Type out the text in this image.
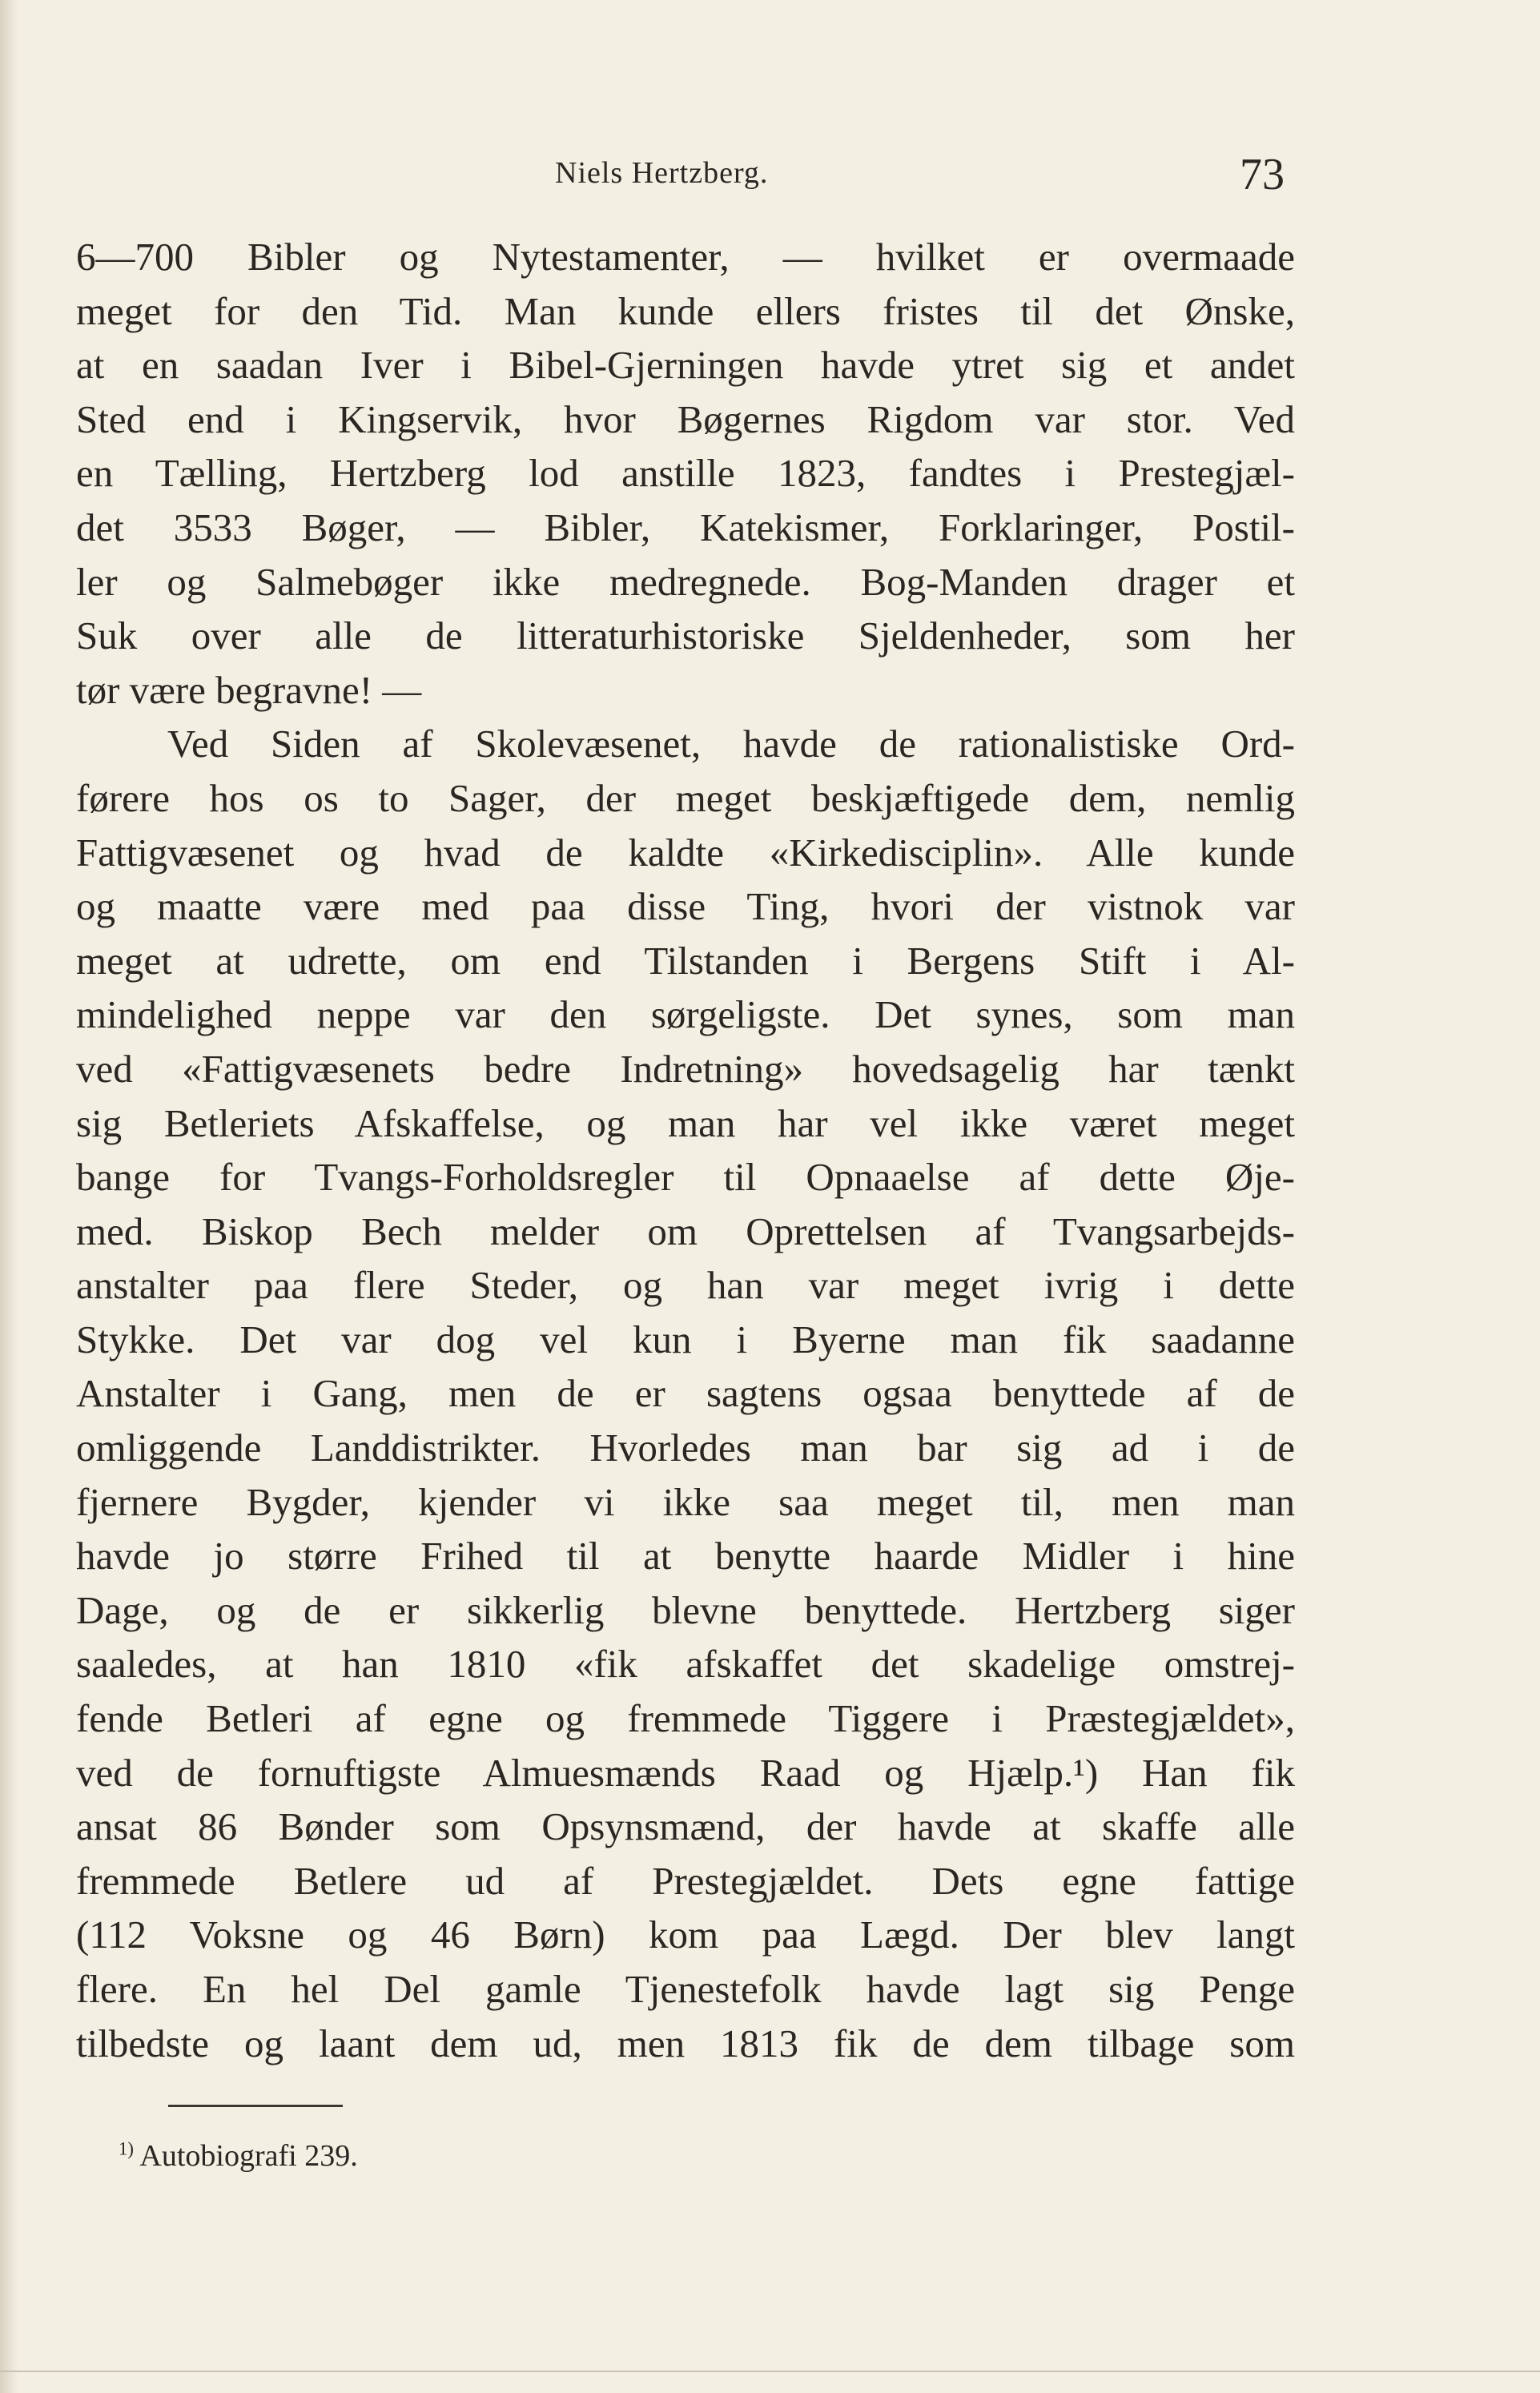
Niels Hertzberg.	73
6—700 Bibler og Nytestamenter, — hvilket er overmaade
meget for den Tid. Man kunde ellers fristes til det Ønske,
at en saadan Iver i Bibel-Gjerningen havde ytret sig et andet
Sted end i Kingservik, hvor Bøgernes Rigdom var stor. Ved
en Tælling, Hertzberg lod anstille 1823, fandtes i Prestegjæl-
det 3533 Bøger, — Bibler, Katekismer, Forklaringer, Postil-
ler og Salmebøger ikke medregnede. Bog-Manden drager et
Suk over alle de litteraturhistoriske Sjeldenheder, som her
tør være begravne! —
Ved Siden af Skolevæsenet, havde de rationalistiske Ord-
førere hos os to Sager, der meget beskjæftigede dem, nemlig
Fattigvæsenet og hvad de kaldte «Kirkedisciplin». Alle kunde
og maatte være med paa disse Ting, hvori der vistnok var
meget at udrette, om end Tilstanden i Bergens Stift i Al-
mindelighed neppe var den sørgeligste. Det synes, som man
ved «Fattigvæsenets bedre Indretning» hovedsagelig har tænkt
sig Betleriets Afskaffelse, og man har vel ikke været meget
bange for Tvangs-Forholdsregler til Opnaaelse af dette Øje-
med. Biskop Bech melder om Oprettelsen af Tvangsarbejds-
anstalter paa flere Steder, og han var meget ivrig i dette
Stykke. Det var dog vel kun i Byerne man fik saadanne
Anstalter i Gang, men de er sagtens ogsaa benyttede af de
omliggende Landdistrikter. Hvorledes man bar sig ad i de
fjernere Bygder, kjender vi ikke saa meget til, men man
havde jo større Frihed til at benytte haarde Midler i hine
Dage, og de er sikkerlig blevne benyttede. Hertzberg siger
saaledes, at han 1810 «fik afskaffet det skadelige omstrej-
fende Betleri af egne og fremmede Tiggere i Præstegjældet»,
ved de fornuftigste Almuesmænds Raad og Hjælp.¹) Han fik
ansat 86 Bønder som Opsynsmænd, der havde at skaffe alle
fremmede Betlere ud af Prestegjældet. Dets egne fattige
(112 Voksne og 46 Børn) kom paa Lægd. Der blev langt
flere. En hel Del gamle Tjenestefolk havde lagt sig Penge
tilbedste og laant dem ud, men 1813 fik de dem tilbage som
$^{1)}$ Autobiografi 239.
